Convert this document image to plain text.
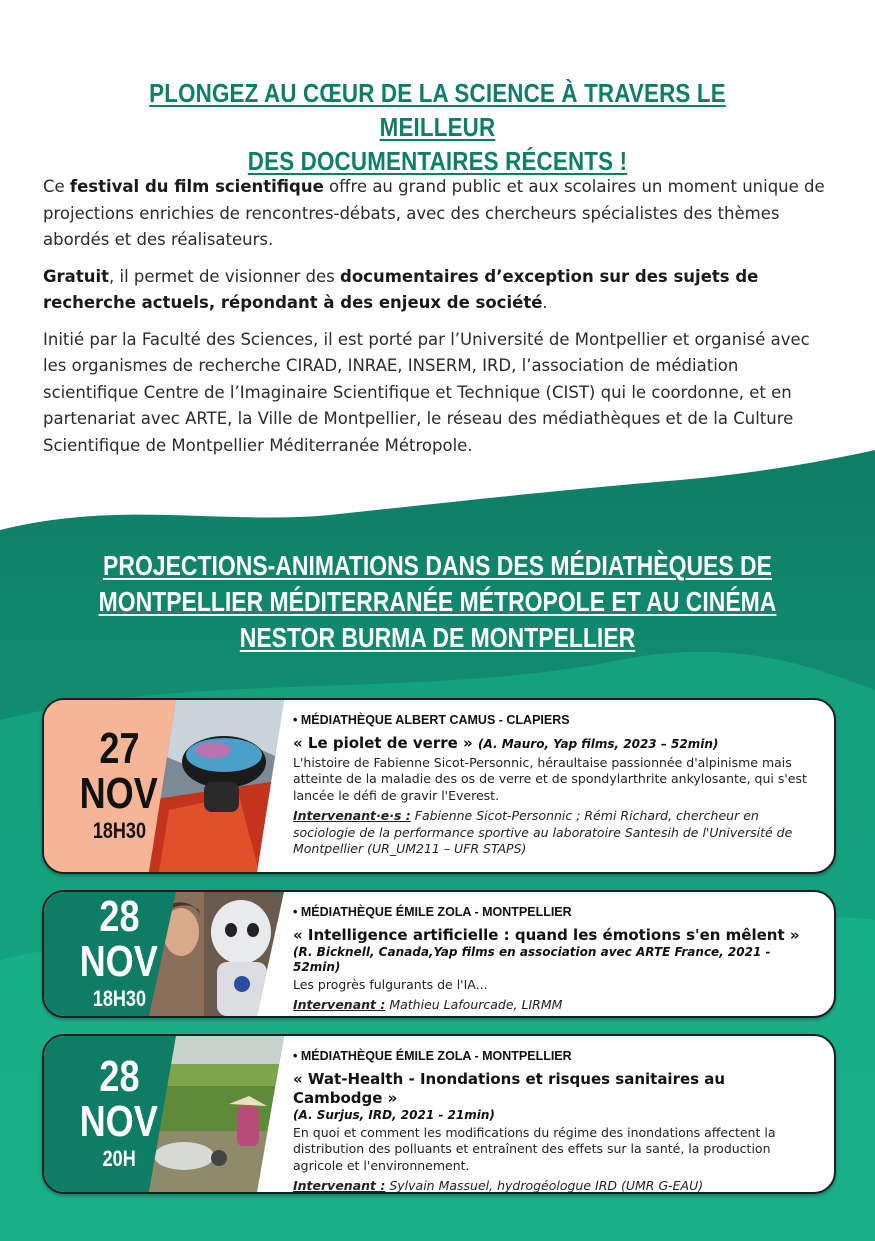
PLONGEZ AU CŒUR DE LA SCIENCE À TRAVERS LE MEILLEUR
DES DOCUMENTAIRES RÉCENTS !

Ce festival du film scientifique offre au grand public et aux scolaires un moment unique de projections enrichies de rencontres-débats, avec des chercheurs spécialistes des thèmes abordés et des réalisateurs.

Gratuit, il permet de visionner des documentaires d’exception sur des sujets de recherche actuels, répondant à des enjeux de société.

Initié par la Faculté des Sciences, il est porté par l’Université de Montpellier et organisé avec les organismes de recherche CIRAD, INRAE, INSERM, IRD, l’association de médiation scientifique Centre de l’Imaginaire Scientifique et Technique (CIST) qui le coordonne, et en partenariat avec ARTE, la Ville de Montpellier, le réseau des médiathèques et de la Culture Scientifique de Montpellier Méditerranée Métropole.

PROJECTIONS-ANIMATIONS DANS DES MÉDIATHÈQUES DE
MONTPELLIER MÉDITERRANÉE MÉTROPOLE ET AU CINÉMA
NESTOR BURMA DE MONTPELLIER
27
NOV
18H30
• MÉDIATHÈQUE ALBERT CAMUS - CLAPIERS
« Le piolet de verre » (A. Mauro, Yap films, 2023 – 52min)
L'histoire de Fabienne Sicot-Personnic, héraultaise passionnée d'alpinisme mais atteinte de la maladie des os de verre et de spondylarthrite ankylosante, qui s'est lancée le défi de gravir l'Everest.
Intervenant·e·s : Fabienne Sicot-Personnic ; Rémi Richard, chercheur en sociologie de la performance sportive au laboratoire Santesih de l'Université de Montpellier (UR_UM211 – UFR STAPS)
28
NOV
18H30
• MÉDIATHÈQUE ÉMILE ZOLA - MONTPELLIER
« Intelligence artificielle : quand les émotions s'en mêlent »
(R. Bicknell, Canada,Yap films en association avec ARTE France, 2021 - 52min)
Les progrès fulgurants de l'IA...
Intervenant : Mathieu Lafourcade, LIRMM
28
NOV
20H
• MÉDIATHÈQUE ÉMILE ZOLA - MONTPELLIER
« Wat-Health - Inondations et risques sanitaires au Cambodge »
(A. Surjus, IRD, 2021 - 21min)
En quoi et comment les modifications du régime des inondations affectent la distribution des polluants et entraînent des effets sur la santé, la production agricole et l'environnement.
Intervenant : Sylvain Massuel, hydrogéologue IRD (UMR G-EAU)
